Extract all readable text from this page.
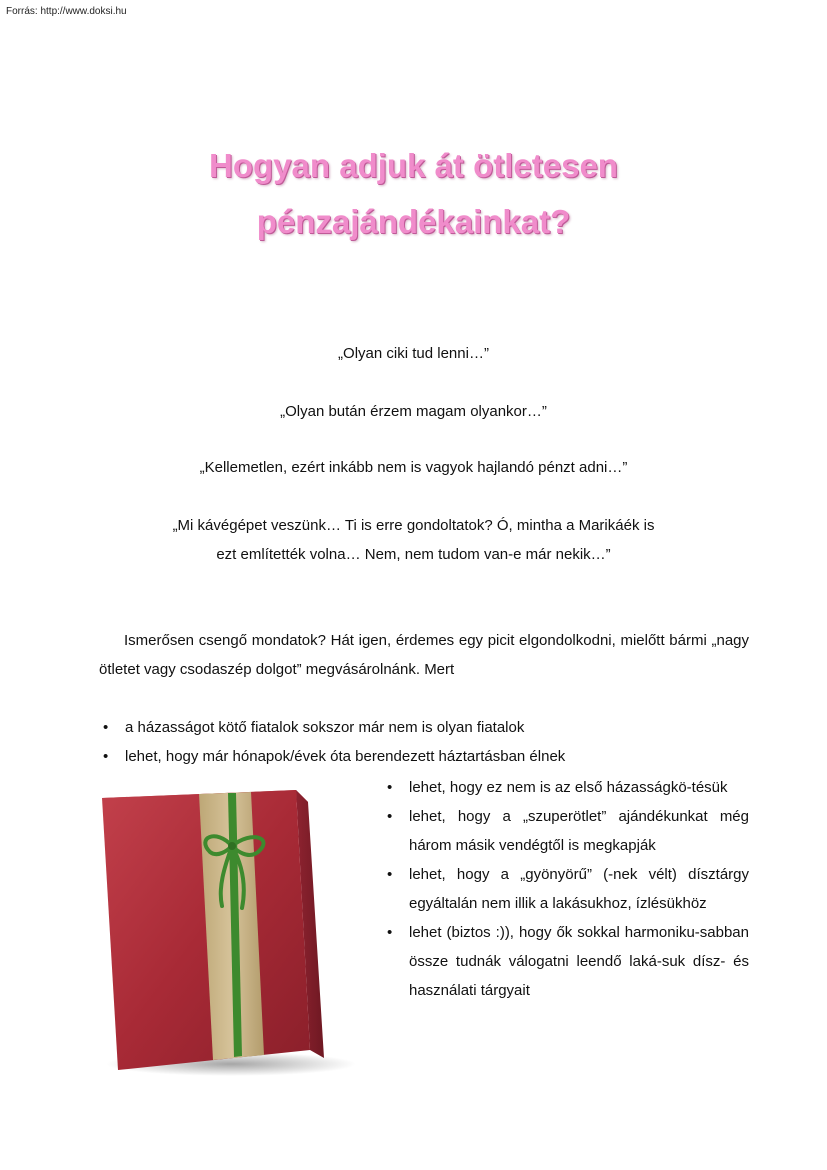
Forrás: http://www.doksi.hu
Hogyan adjuk át ötletesen
pénzajándékainkat?

„Olyan ciki tud lenni…”

„Olyan bután érzem magam olyankor…”

„Kellemetlen, ezért inkább nem is vagyok hajlandó pénzt adni…”

„Mi kávégépet veszünk… Ti is erre gondoltatok? Ó, mintha a Marikáék is

ezt említették volna… Nem, nem tudom van-e már nekik…”

Ismerősen csengő mondatok? Hát igen, érdemes egy picit elgondolkodni, mielőtt bármi „nagy ötletet vagy csodaszép dolgot” megvásárolnánk. Mert

• a házasságot kötő fiatalok sokszor már nem is olyan fiatalok
• lehet, hogy már hónapok/évek óta berendezett háztartásban élnek
• lehet, hogy ez nem is az első házasságkö-tésük
• lehet, hogy a „szuperötlet” ajándékunkat még három másik vendégtől is megkapják
• lehet, hogy a „gyönyörű” (-nek vélt) dísztárgy egyáltalán nem illik a lakásukhoz, ízlésükhöz
• lehet (biztos :)), hogy ők sokkal harmoniku-sabban össze tudnák válogatni leendő laká-suk dísz- és használati tárgyait
